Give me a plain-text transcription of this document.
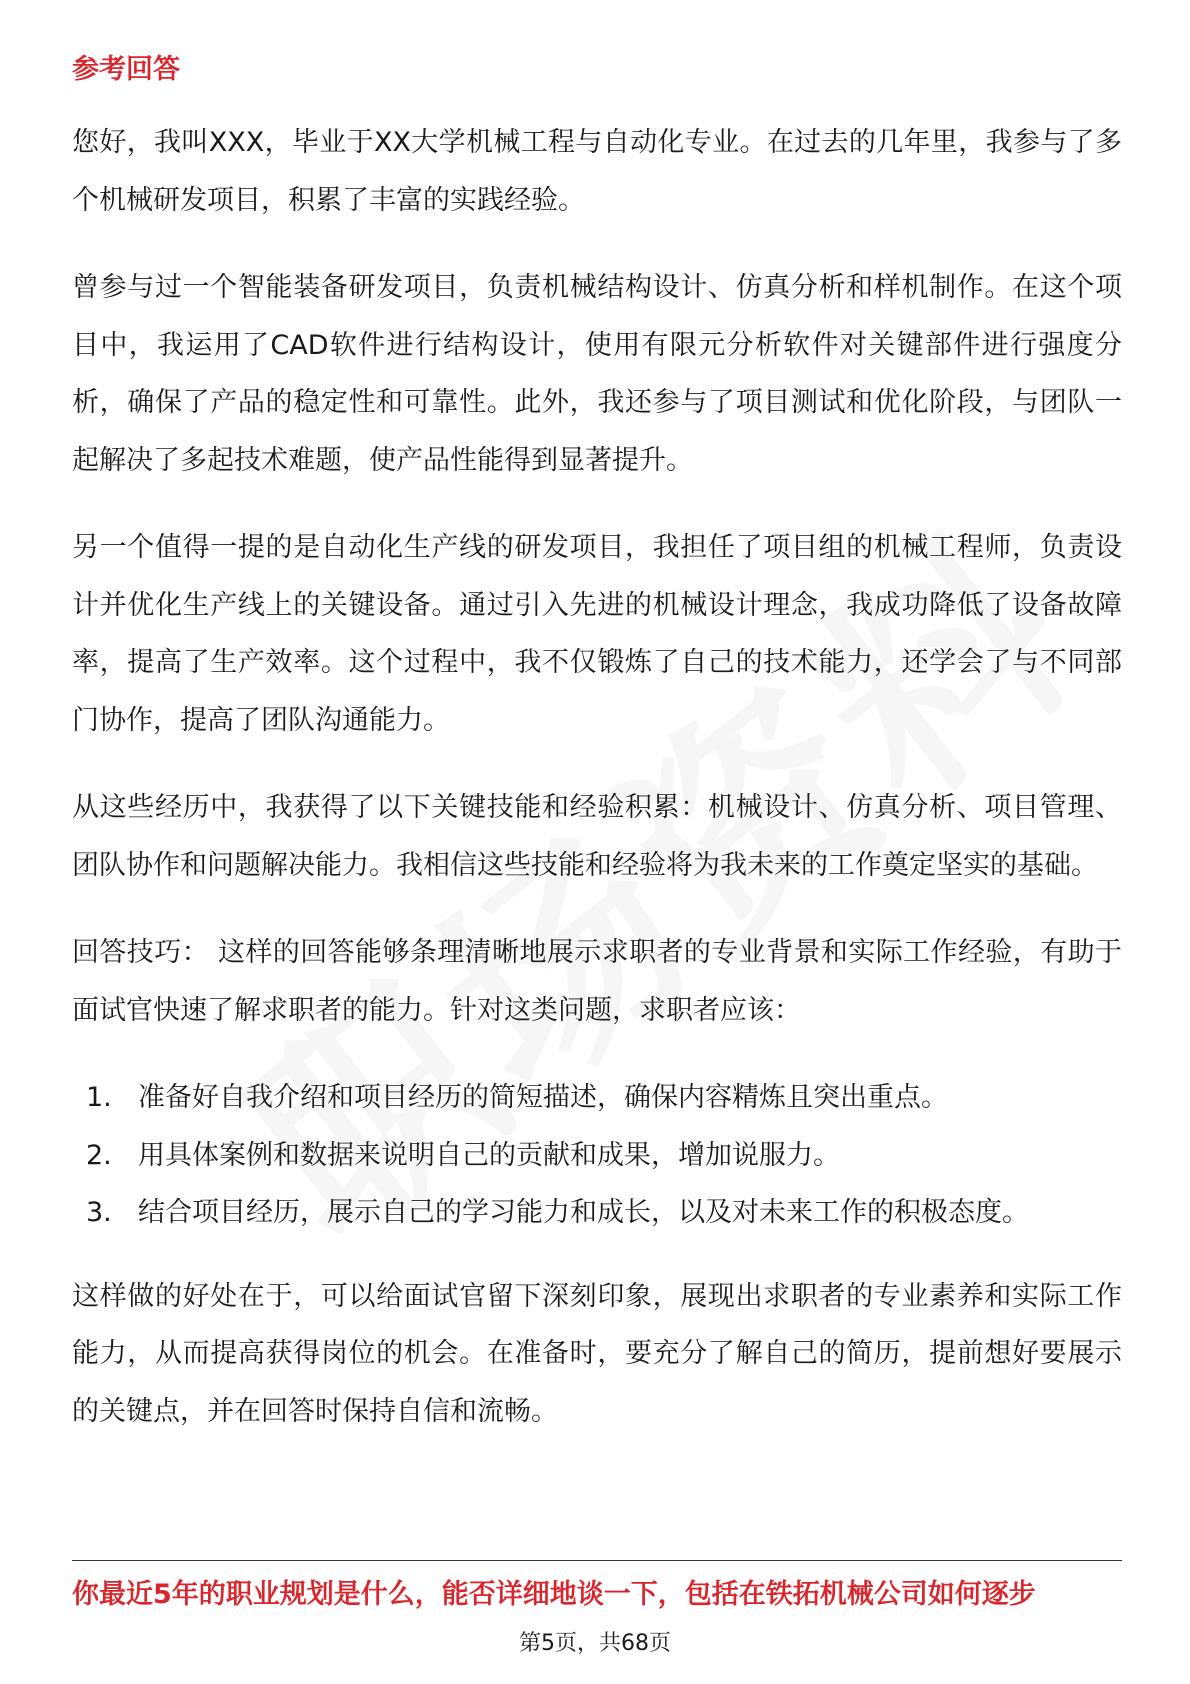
参考回答

您好，我叫XXX，毕业于XX大学机械工程与自动化专业。在过去的几年里，我参与了多个机械研发项目，积累了丰富的实践经验。

曾参与过一个智能装备研发项目，负责机械结构设计、仿真分析和样机制作。在这个项目中，我运用了CAD软件进行结构设计，使用有限元分析软件对关键部件进行强度分析，确保了产品的稳定性和可靠性。此外，我还参与了项目测试和优化阶段，与团队一起解决了多起技术难题，使产品性能得到显著提升。

另一个值得一提的是自动化生产线的研发项目，我担任了项目组的机械工程师，负责设计并优化生产线上的关键设备。通过引入先进的机械设计理念，我成功降低了设备故障率，提高了生产效率。这个过程中，我不仅锻炼了自己的技术能力，还学会了与不同部门协作，提高了团队沟通能力。

从这些经历中，我获得了以下关键技能和经验积累：机械设计、仿真分析、项目管理、团队协作和问题解决能力。我相信这些技能和经验将为我未来的工作奠定坚实的基础。

回答技巧： 这样的回答能够条理清晰地展示求职者的专业背景和实际工作经验，有助于面试官快速了解求职者的能力。针对这类问题，求职者应该：

1. 准备好自我介绍和项目经历的简短描述，确保内容精炼且突出重点。
2. 用具体案例和数据来说明自己的贡献和成果，增加说服力。
3. 结合项目经历，展示自己的学习能力和成长，以及对未来工作的积极态度。

这样做的好处在于，可以给面试官留下深刻印象，展现出求职者的专业素养和实际工作能力，从而提高获得岗位的机会。在准备时，要充分了解自己的简历，提前想好要展示的关键点，并在回答时保持自信和流畅。

你最近5年的职业规划是什么，能否详细地谈一下，包括在铁拓机械公司如何逐步
第5页，共68页
